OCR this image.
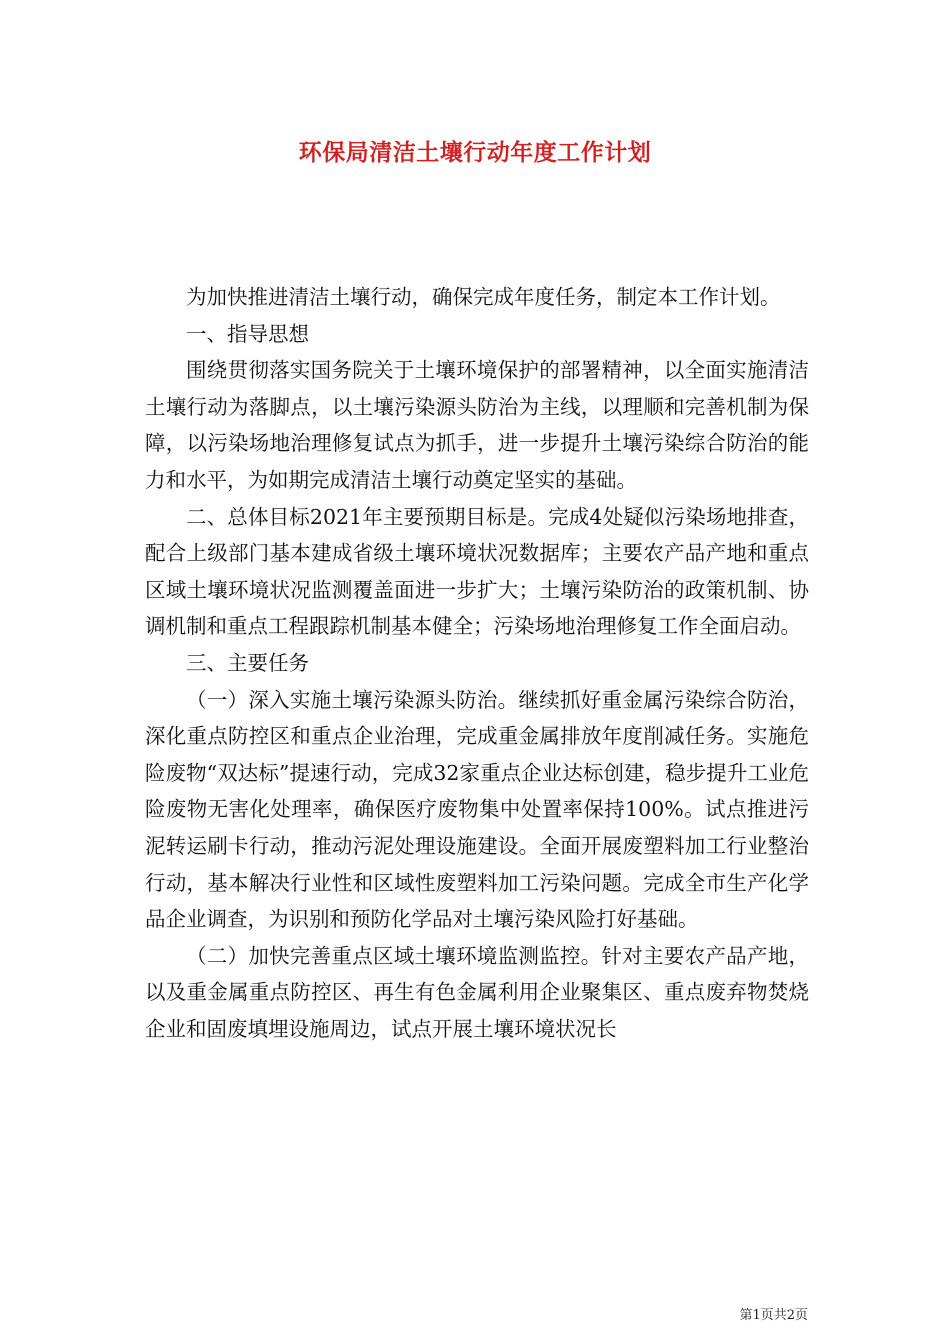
环保局清洁土壤行动年度工作计划

为加快推进清洁土壤行动，确保完成年度任务，制定本工作计划。

一、指导思想

围绕贯彻落实国务院关于土壤环境保护的部署精神，以全面实施清洁土壤行动为落脚点，以土壤污染源头防治为主线，以理顺和完善机制为保障，以污染场地治理修复试点为抓手，进一步提升土壤污染综合防治的能力和水平，为如期完成清洁土壤行动奠定坚实的基础。

二、总体目标2021年主要预期目标是。完成4处疑似污染场地排查，配合上级部门基本建成省级土壤环境状况数据库；主要农产品产地和重点区域土壤环境状况监测覆盖面进一步扩大；土壤污染防治的政策机制、协调机制和重点工程跟踪机制基本健全；污染场地治理修复工作全面启动。

三、主要任务

（一）深入实施土壤污染源头防治。继续抓好重金属污染综合防治，深化重点防控区和重点企业治理，完成重金属排放年度削减任务。实施危险废物“双达标”提速行动，完成32家重点企业达标创建，稳步提升工业危险废物无害化处理率，确保医疗废物集中处置率保持100%。试点推进污泥转运刷卡行动，推动污泥处理设施建设。全面开展废塑料加工行业整治行动，基本解决行业性和区域性废塑料加工污染问题。完成全市生产化学品企业调查，为识别和预防化学品对土壤污染风险打好基础。

（二）加快完善重点区域土壤环境监测监控。针对主要农产品产地，以及重金属重点防控区、再生有色金属利用企业聚集区、重点废弃物焚烧企业和固废填埋设施周边，试点开展土壤环境状况长

第1页共2页
